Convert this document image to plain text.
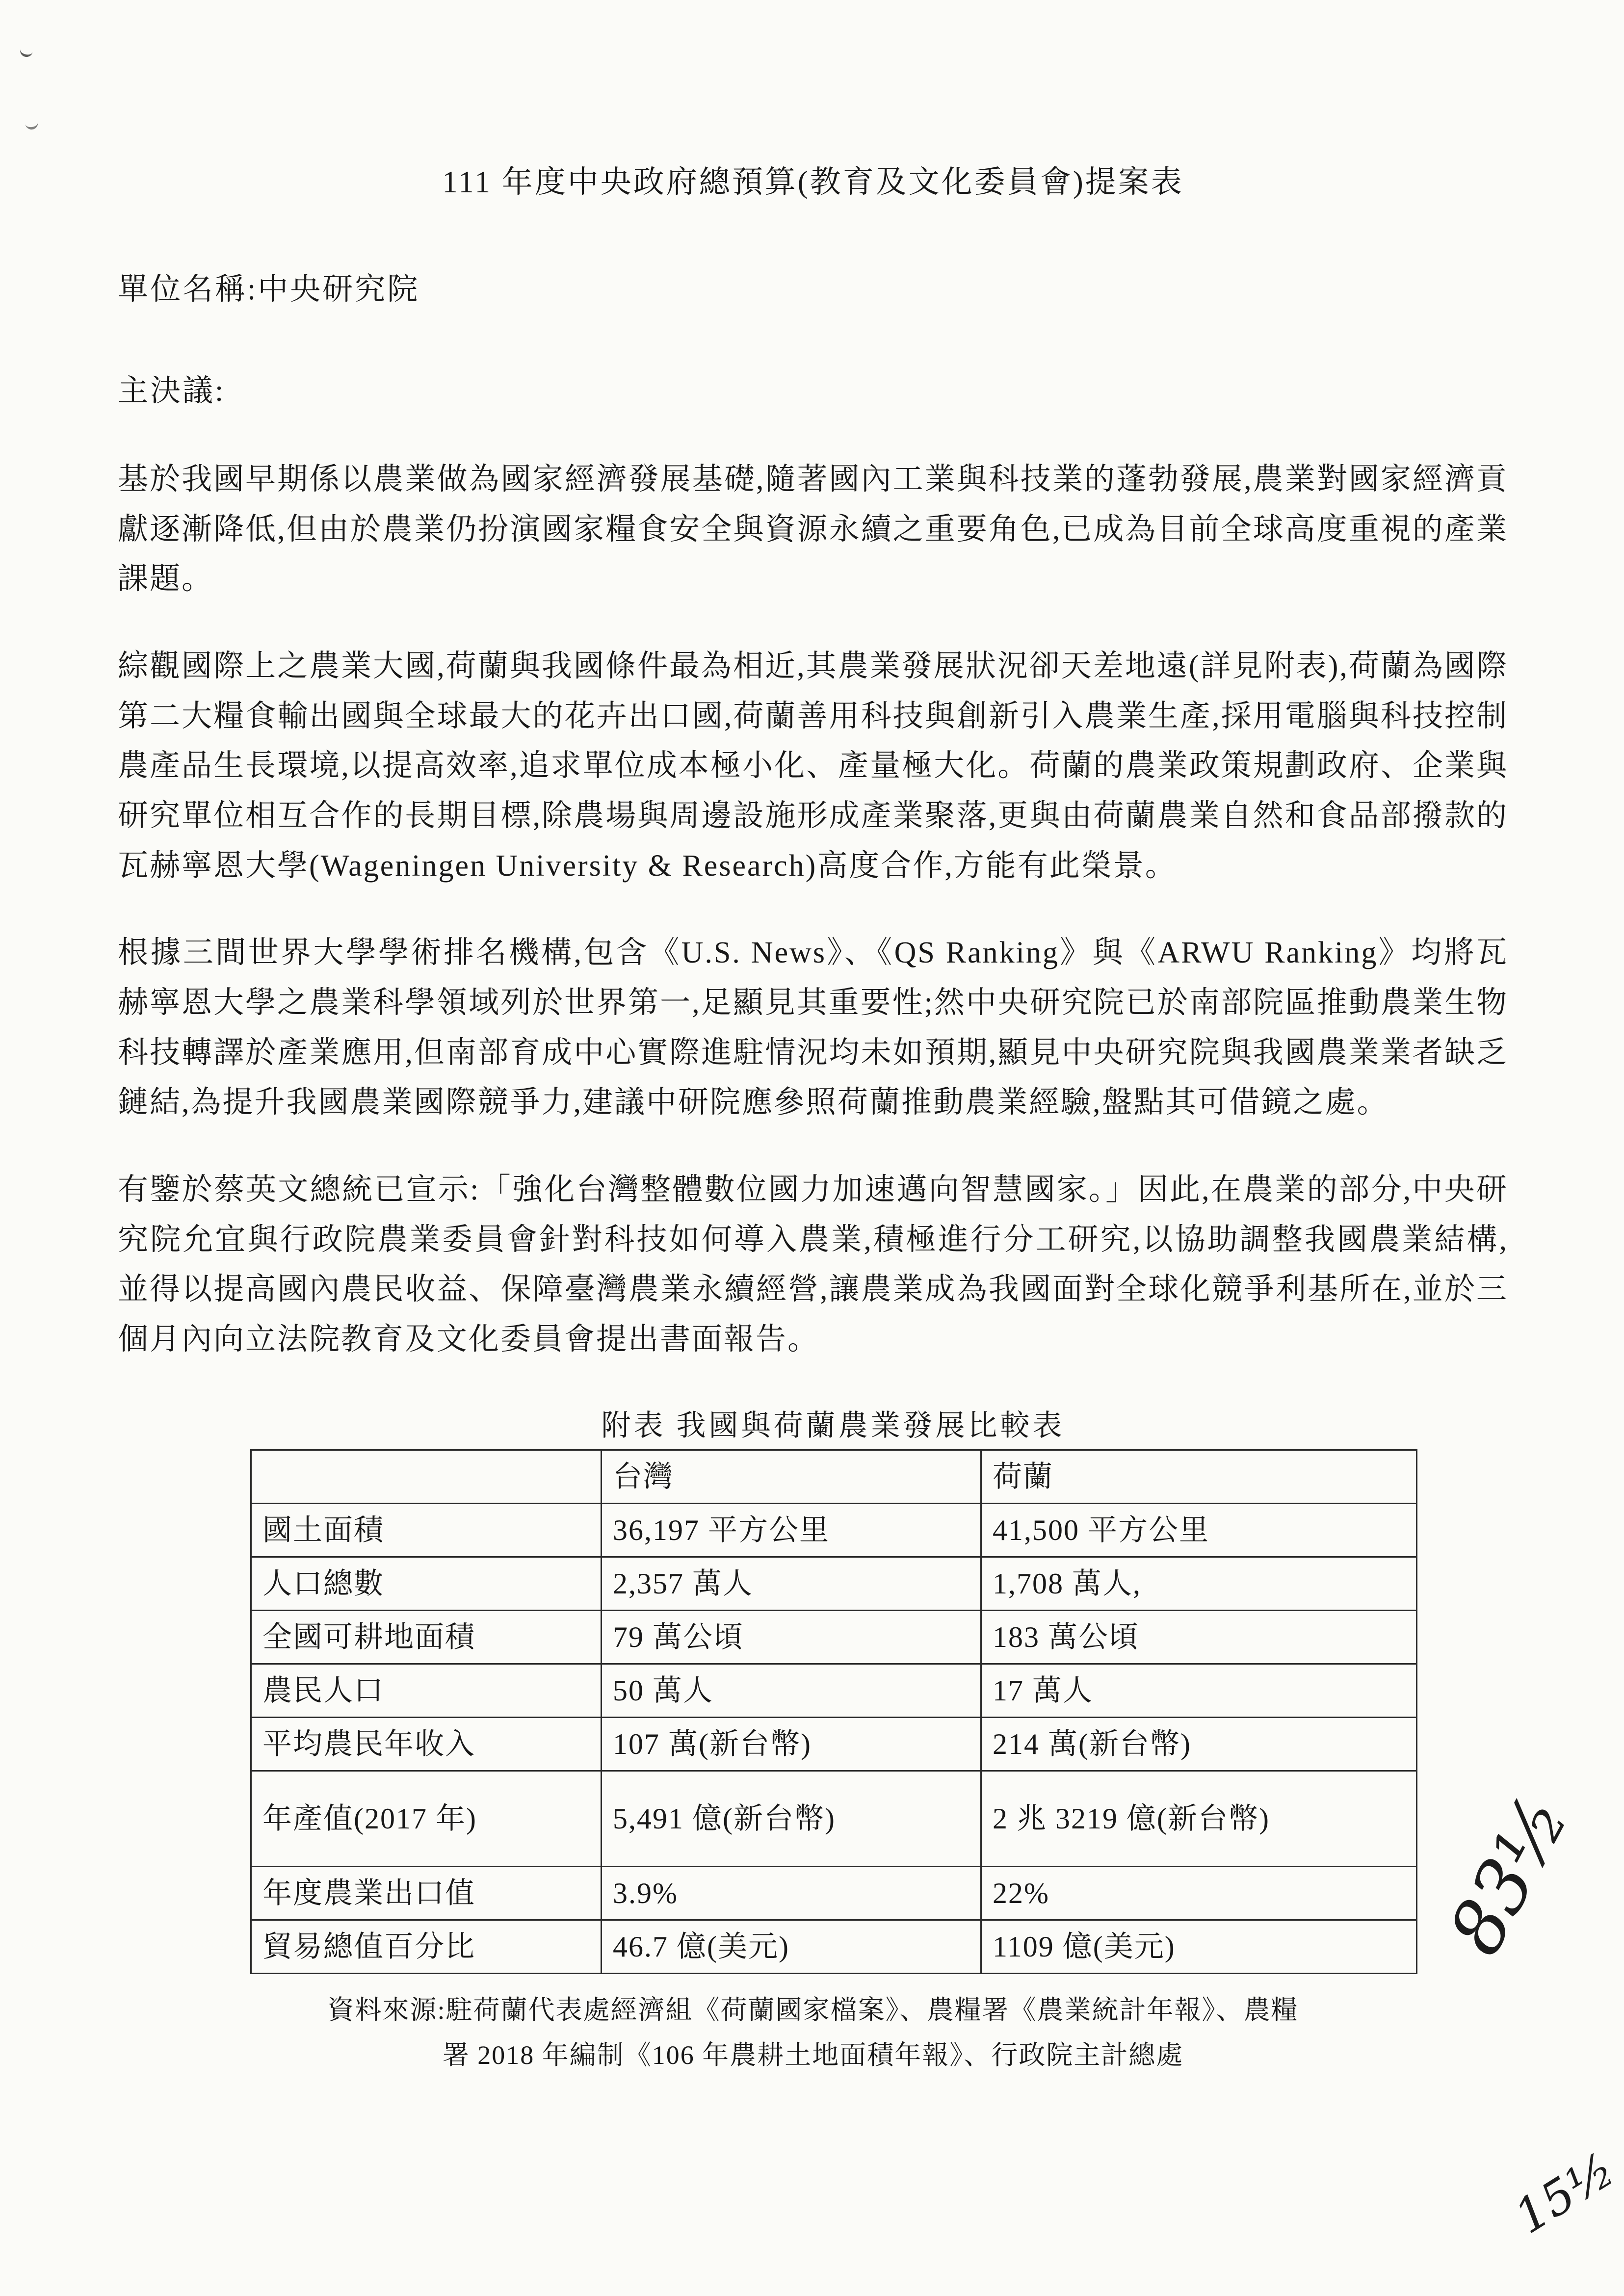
111 年度中央政府總預算(教育及文化委員會)提案表
單位名稱:中央研究院
主決議:

基於我國早期係以農業做為國家經濟發展基礎,隨著國內工業與科技業的蓬勃發展,農業對國家經濟貢獻逐漸降低,但由於農業仍扮演國家糧食安全與資源永續之重要角色,已成為目前全球高度重視的產業課題。

綜觀國際上之農業大國,荷蘭與我國條件最為相近,其農業發展狀況卻天差地遠(詳見附表),荷蘭為國際第二大糧食輸出國與全球最大的花卉出口國,荷蘭善用科技與創新引入農業生產,採用電腦與科技控制農產品生長環境,以提高效率,追求單位成本極小化、產量極大化。荷蘭的農業政策規劃政府、企業與研究單位相互合作的長期目標,除農場與周邊設施形成產業聚落,更與由荷蘭農業自然和食品部撥款的瓦赫寧恩大學(Wageningen University & Research)高度合作,方能有此榮景。

根據三間世界大學學術排名機構,包含《U.S. News》、《QS Ranking》與《ARWU Ranking》均將瓦赫寧恩大學之農業科學領域列於世界第一,足顯見其重要性;然中央研究院已於南部院區推動農業生物科技轉譯於產業應用,但南部育成中心實際進駐情況均未如預期,顯見中央研究院與我國農業業者缺乏鏈結,為提升我國農業國際競爭力,建議中研院應參照荷蘭推動農業經驗,盤點其可借鏡之處。

有鑒於蔡英文總統已宣示:「強化台灣整體數位國力加速邁向智慧國家。」因此,在農業的部分,中央研究院允宜與行政院農業委員會針對科技如何導入農業,積極進行分工研究,以協助調整我國農業結構,並得以提高國內農民收益、保障臺灣農業永續經營,讓農業成為我國面對全球化競爭利基所在,並於三個月內向立法院教育及文化委員會提出書面報告。

附表 我國與荷蘭農業發展比較表
	台灣	荷蘭
國土面積	36,197 平方公里	41,500 平方公里
人口總數	2,357 萬人	1,708 萬人,
全國可耕地面積	79 萬公頃	183 萬公頃
農民人口	50 萬人	17 萬人
平均農民年收入	107 萬(新台幣)	214 萬(新台幣)
年產值(2017 年)	5,491 億(新台幣)	2 兆 3219 億(新台幣)
年度農業出口值	3.9%	22%
貿易總值百分比	46.7 億(美元)	1109 億(美元)
資料來源:駐荷蘭代表處經濟組《荷蘭國家檔案》、農糧署《農業統計年報》、農糧
署 2018 年編制《106 年農耕土地面積年報》、行政院主計總處
83½
15½
